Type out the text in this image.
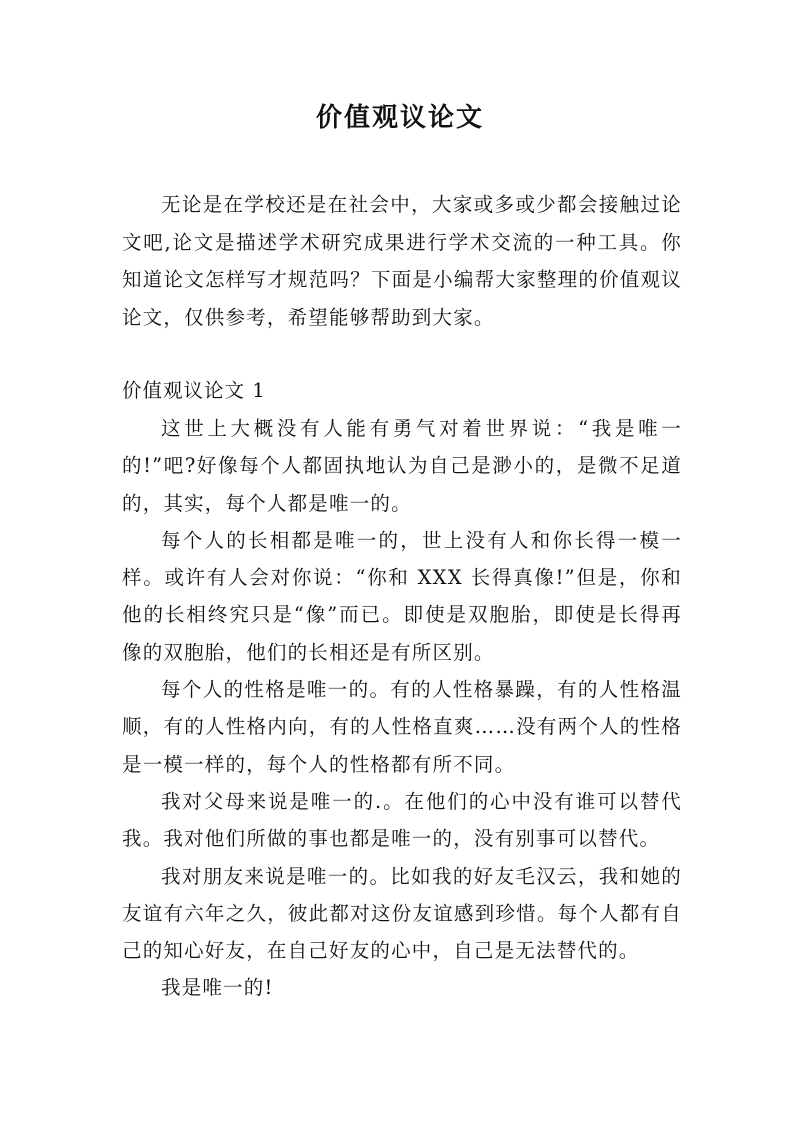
价值观议论文

无论是在学校还是在社会中，大家或多或少都会接触过论文吧,论文是描述学术研究成果进行学术交流的一种工具。你知道论文怎样写才规范吗？下面是小编帮大家整理的价值观议论文，仅供参考，希望能够帮助到大家。

价值观议论文 1

这世上大概没有人能有勇气对着世界说：“我是唯一的!”吧?好像每个人都固执地认为自己是渺小的，是微不足道的，其实，每个人都是唯一的。

每个人的长相都是唯一的，世上没有人和你长得一模一样。或许有人会对你说：“你和 XXX 长得真像!”但是，你和他的长相终究只是“像”而已。即使是双胞胎，即使是长得再像的双胞胎，他们的长相还是有所区别。

每个人的性格是唯一的。有的人性格暴躁，有的人性格温顺，有的人性格内向，有的人性格直爽……没有两个人的性格是一模一样的，每个人的性格都有所不同。

我对父母来说是唯一的.。在他们的心中没有谁可以替代我。我对他们所做的事也都是唯一的，没有别事可以替代。

我对朋友来说是唯一的。比如我的好友毛汉云，我和她的友谊有六年之久，彼此都对这份友谊感到珍惜。每个人都有自己的知心好友，在自己好友的心中，自己是无法替代的。

我是唯一的!
